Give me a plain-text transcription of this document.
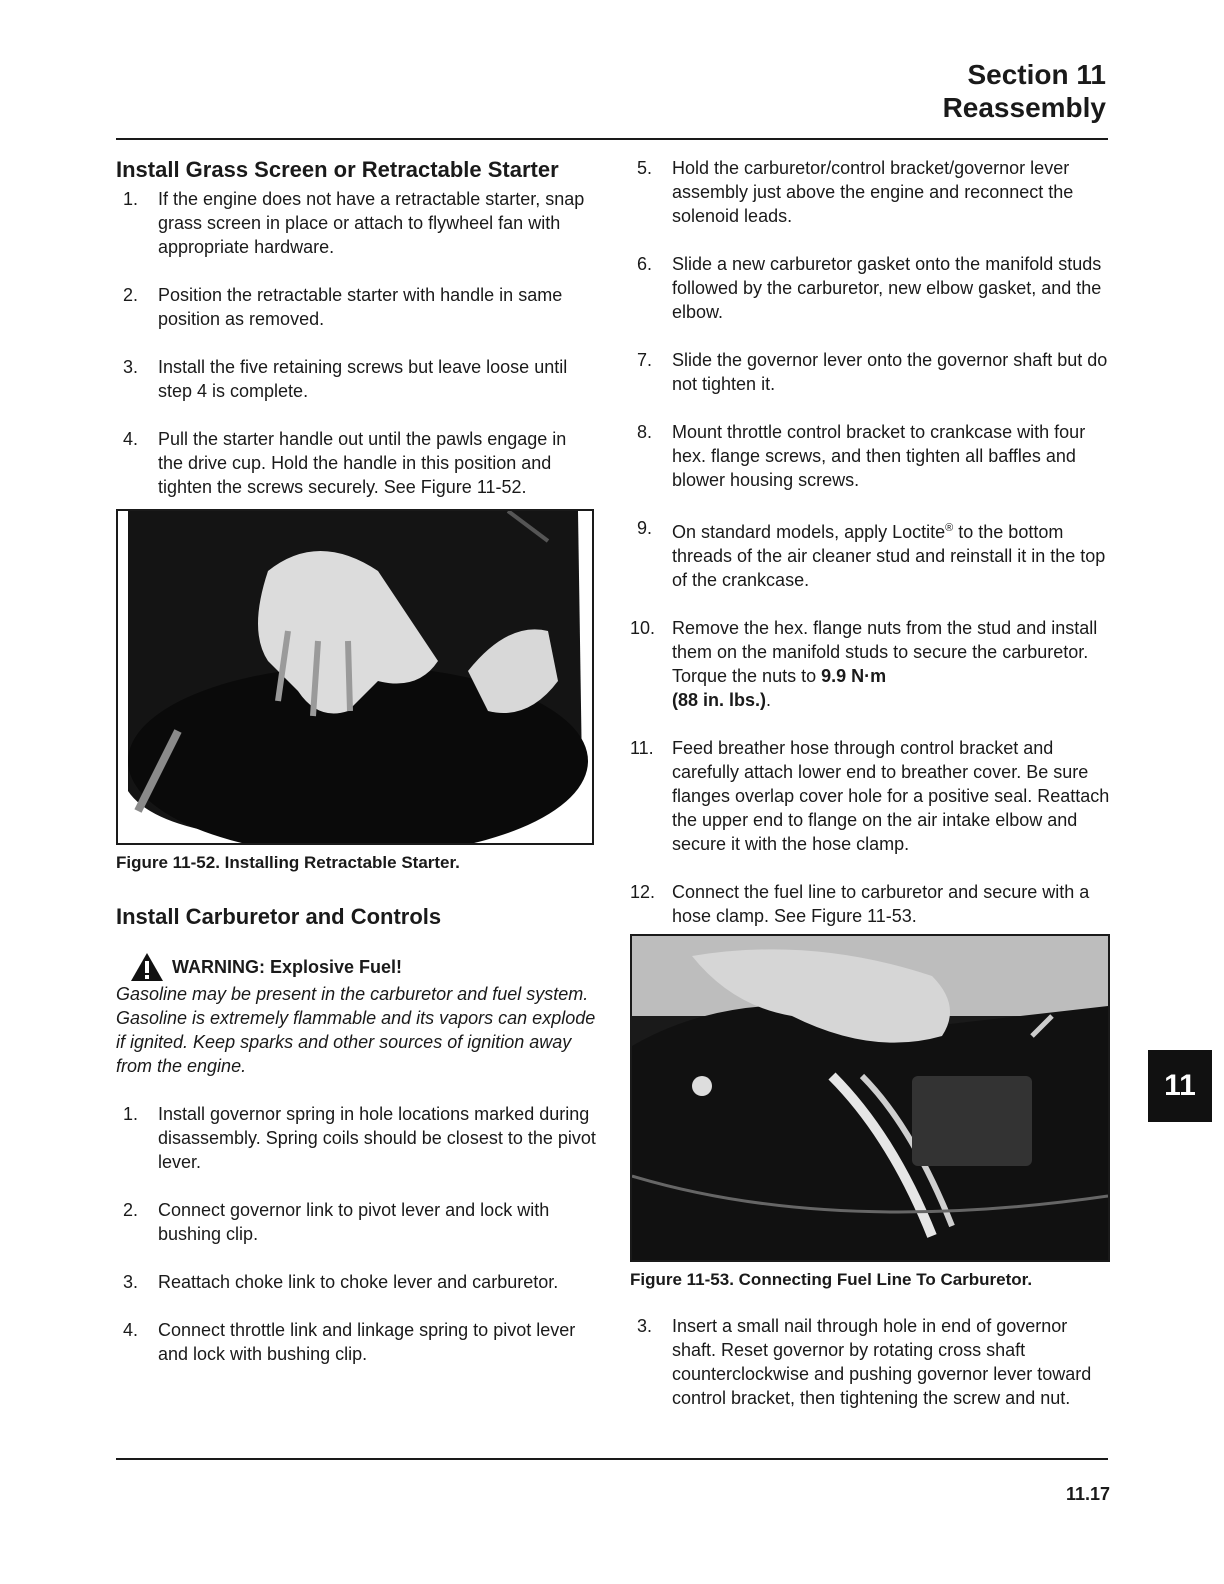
Section 11
Reassembly
Install Grass Screen or Retractable Starter
1. If the engine does not have a retractable starter, snap grass screen in place or attach to flywheel fan with appropriate hardware.
2. Position the retractable starter with handle in same position as removed.
3. Install the five retaining screws but leave loose until step 4 is complete.
4. Pull the starter handle out until the pawls engage in the drive cup. Hold the handle in this position and tighten the screws securely. See Figure 11-52.
Figure 11-52. Installing Retractable Starter.
Install Carburetor and Controls

WARNING: Explosive Fuel!

Gasoline may be present in the carburetor and fuel system. Gasoline is extremely flammable and its vapors can explode if ignited. Keep sparks and other sources of ignition away from the engine.

1. Install governor spring in hole locations marked during disassembly. Spring coils should be closest to the pivot lever.
2. Connect governor link to pivot lever and lock with bushing clip.
3. Reattach choke link to choke lever and carburetor.
4. Connect throttle link and linkage spring to pivot lever and lock with bushing clip.
5. Hold the carburetor/control bracket/governor lever assembly just above the engine and reconnect the solenoid leads.
6. Slide a new carburetor gasket onto the manifold studs followed by the carburetor, new elbow gasket, and the elbow.
7. Slide the governor lever onto the governor shaft but do not tighten it.
8. Mount throttle control bracket to crankcase with four hex. flange screws, and then tighten all baffles and blower housing screws.
9. On standard models, apply Loctite® to the bottom threads of the air cleaner stud and reinstall it in the top of the crankcase.
10. Remove the hex. flange nuts from the stud and install them on the manifold studs to secure the carburetor. Torque the nuts to 9.9 N·m
(88 in. lbs.).
11. Feed breather hose through control bracket and carefully attach lower end to breather cover. Be sure flanges overlap cover hole for a positive seal. Reattach the upper end to flange on the air intake elbow and secure it with the hose clamp.
12. Connect the fuel line to carburetor and secure with a hose clamp. See Figure 11-53.
Figure 11-53. Connecting Fuel Line To Carburetor.
3. Insert a small nail through hole in end of governor shaft. Reset governor by rotating cross shaft counterclockwise and pushing governor lever toward control bracket, then tightening the screw and nut.
11
11.17
